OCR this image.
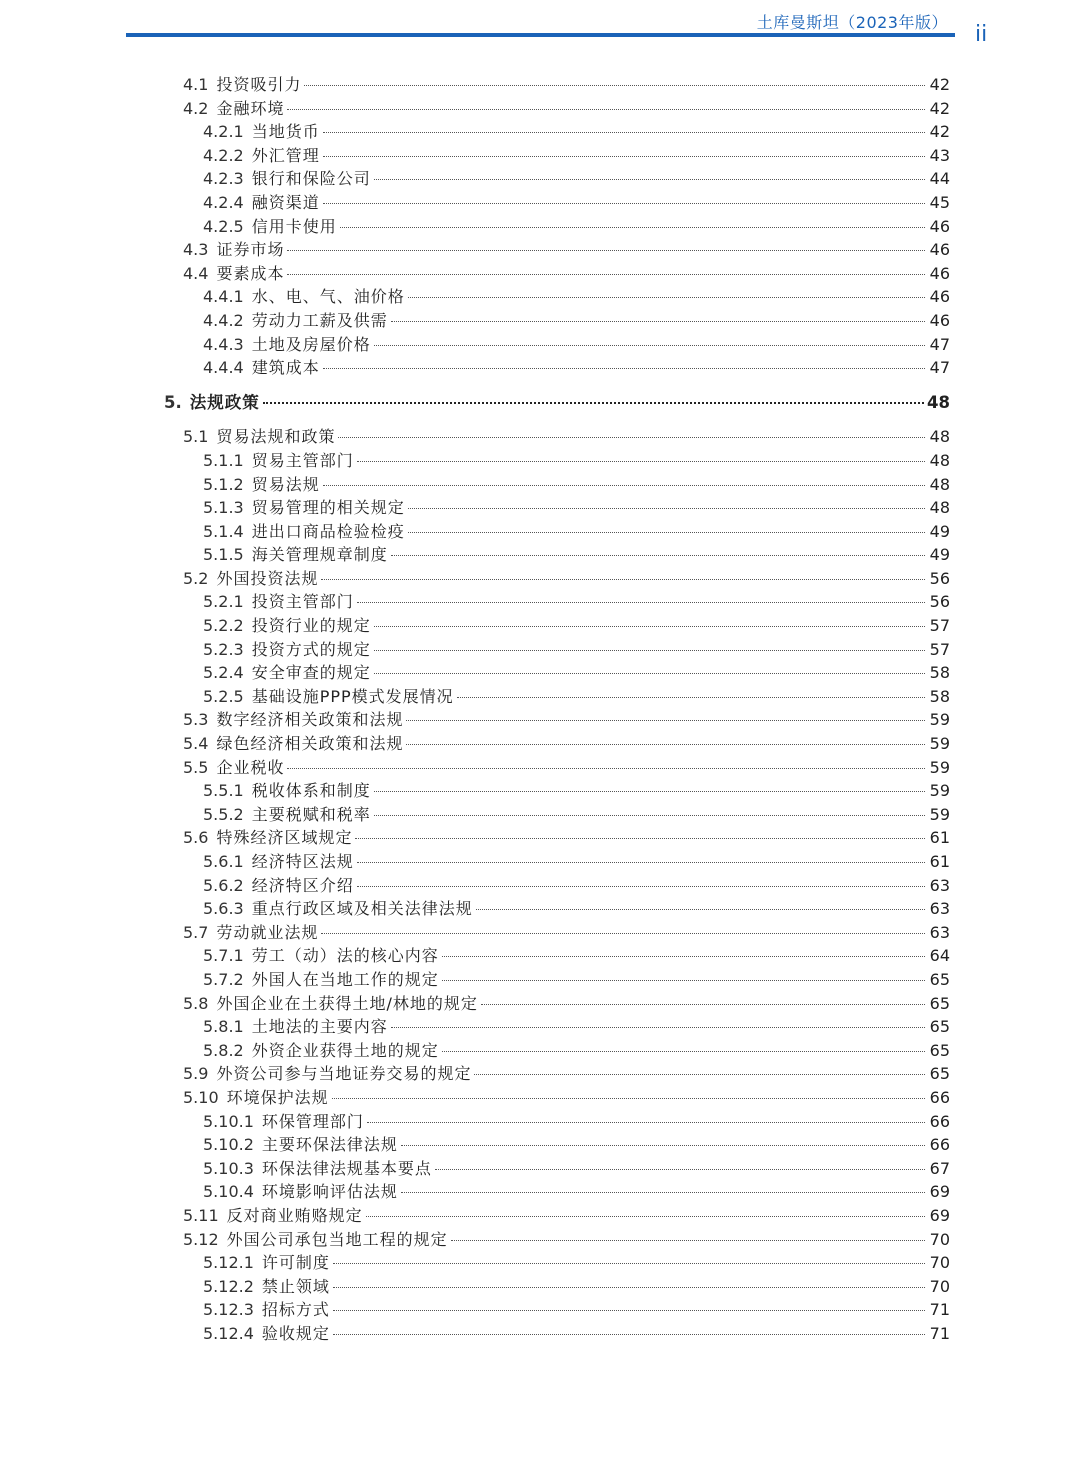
土库曼斯坦（2023年版） ii
4.1 投资吸引力	42
4.2 金融环境	42
4.2.1 当地货币	42
4.2.2 外汇管理	43
4.2.3 银行和保险公司	44
4.2.4 融资渠道	45
4.2.5 信用卡使用	46
4.3 证券市场	46
4.4 要素成本	46
4.4.1 水、电、气、油价格	46
4.4.2 劳动力工薪及供需	46
4.4.3 土地及房屋价格	47
4.4.4 建筑成本	47
5. 法规政策	48
5.1 贸易法规和政策	48
5.1.1 贸易主管部门	48
5.1.2 贸易法规	48
5.1.3 贸易管理的相关规定	48
5.1.4 进出口商品检验检疫	49
5.1.5 海关管理规章制度	49
5.2 外国投资法规	56
5.2.1 投资主管部门	56
5.2.2 投资行业的规定	57
5.2.3 投资方式的规定	57
5.2.4 安全审查的规定	58
5.2.5 基础设施PPP模式发展情况	58
5.3 数字经济相关政策和法规	59
5.4 绿色经济相关政策和法规	59
5.5 企业税收	59
5.5.1 税收体系和制度	59
5.5.2 主要税赋和税率	59
5.6 特殊经济区域规定	61
5.6.1 经济特区法规	61
5.6.2 经济特区介绍	63
5.6.3 重点行政区域及相关法律法规	63
5.7 劳动就业法规	63
5.7.1 劳工（动）法的核心内容	64
5.7.2 外国人在当地工作的规定	65
5.8 外国企业在土获得土地/林地的规定	65
5.8.1 土地法的主要内容	65
5.8.2 外资企业获得土地的规定	65
5.9 外资公司参与当地证券交易的规定	65
5.10 环境保护法规	66
5.10.1 环保管理部门	66
5.10.2 主要环保法律法规	66
5.10.3 环保法律法规基本要点	67
5.10.4 环境影响评估法规	69
5.11 反对商业贿赂规定	69
5.12 外国公司承包当地工程的规定	70
5.12.1 许可制度	70
5.12.2 禁止领域	70
5.12.3 招标方式	71
5.12.4 验收规定	71
